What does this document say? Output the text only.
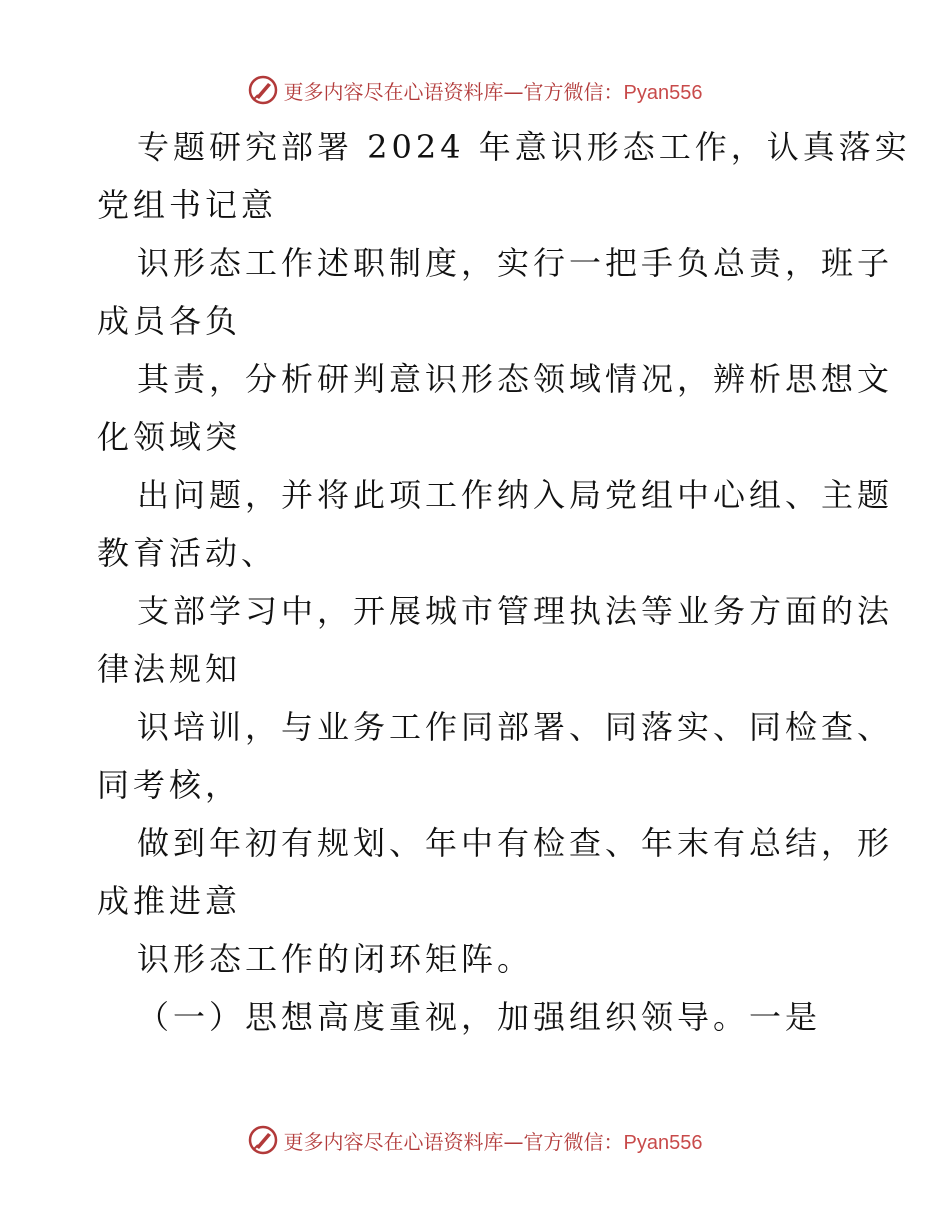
更多内容尽在心语资料库—官方微信：Pyan556
专题研究部署 2024 年意识形态工作，认真落实
党组书记意
识形态工作述职制度，实行一把手负总责，班子
成员各负
其责，分析研判意识形态领域情况，辨析思想文
化领域突
出问题，并将此项工作纳入局党组中心组、主题
教育活动、
支部学习中，开展城市管理执法等业务方面的法
律法规知
识培训，与业务工作同部署、同落实、同检查、
同考核，
做到年初有规划、年中有检查、年末有总结，形
成推进意
识形态工作的闭环矩阵。
（一）思想高度重视，加强组织领导。一是
更多内容尽在心语资料库—官方微信：Pyan556
